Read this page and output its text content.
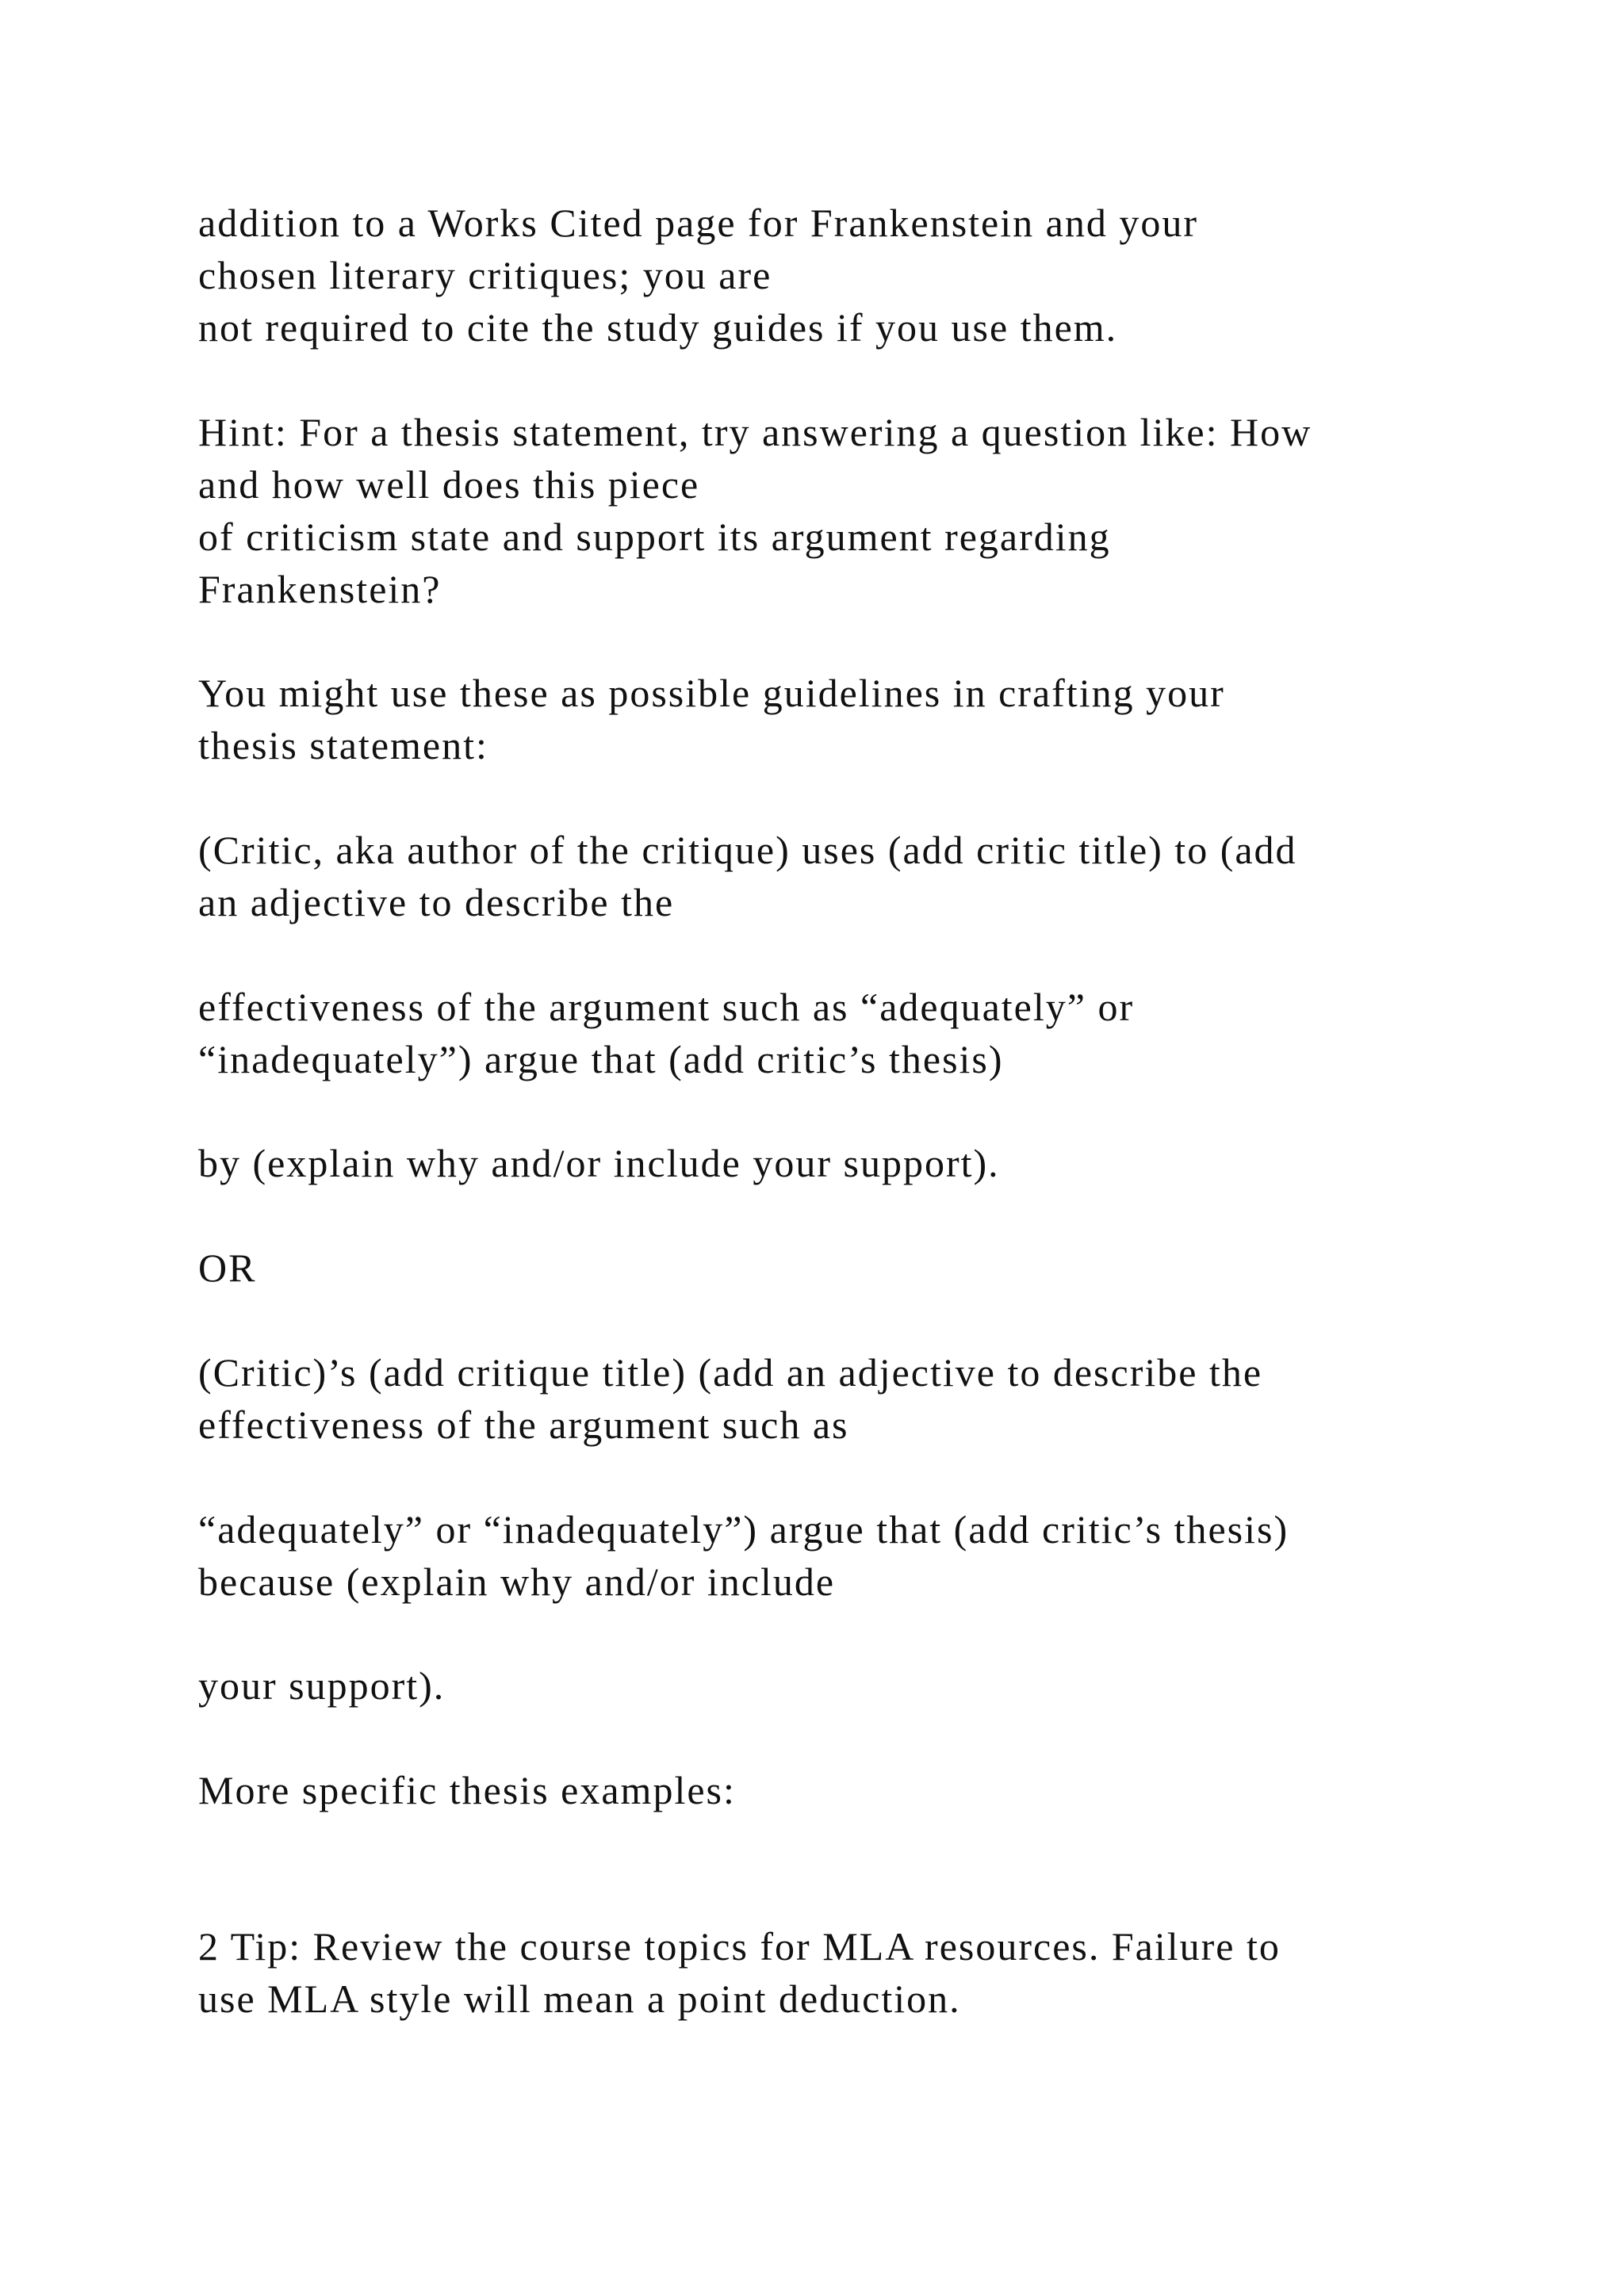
addition to a Works Cited page for Frankenstein and your

chosen literary critiques; you are

not required to cite the study guides if you use them.

Hint: For a thesis statement, try answering a question like: How

and how well does this piece

of criticism state and support its argument regarding

Frankenstein?

You might use these as possible guidelines in crafting your

thesis statement:

(Critic, aka author of the critique) uses (add critic title) to (add

an adjective to describe the

effectiveness of the argument such as “adequately” or

“inadequately”) argue that (add critic’s thesis)

by (explain why and/or include your support).

OR

(Critic)’s (add critique title) (add an adjective to describe the

effectiveness of the argument such as

“adequately” or “inadequately”) argue that (add critic’s thesis)

because (explain why and/or include

your support).

More specific thesis examples:

2 Tip: Review the course topics for MLA resources. Failure to

use MLA style will mean a point deduction.
